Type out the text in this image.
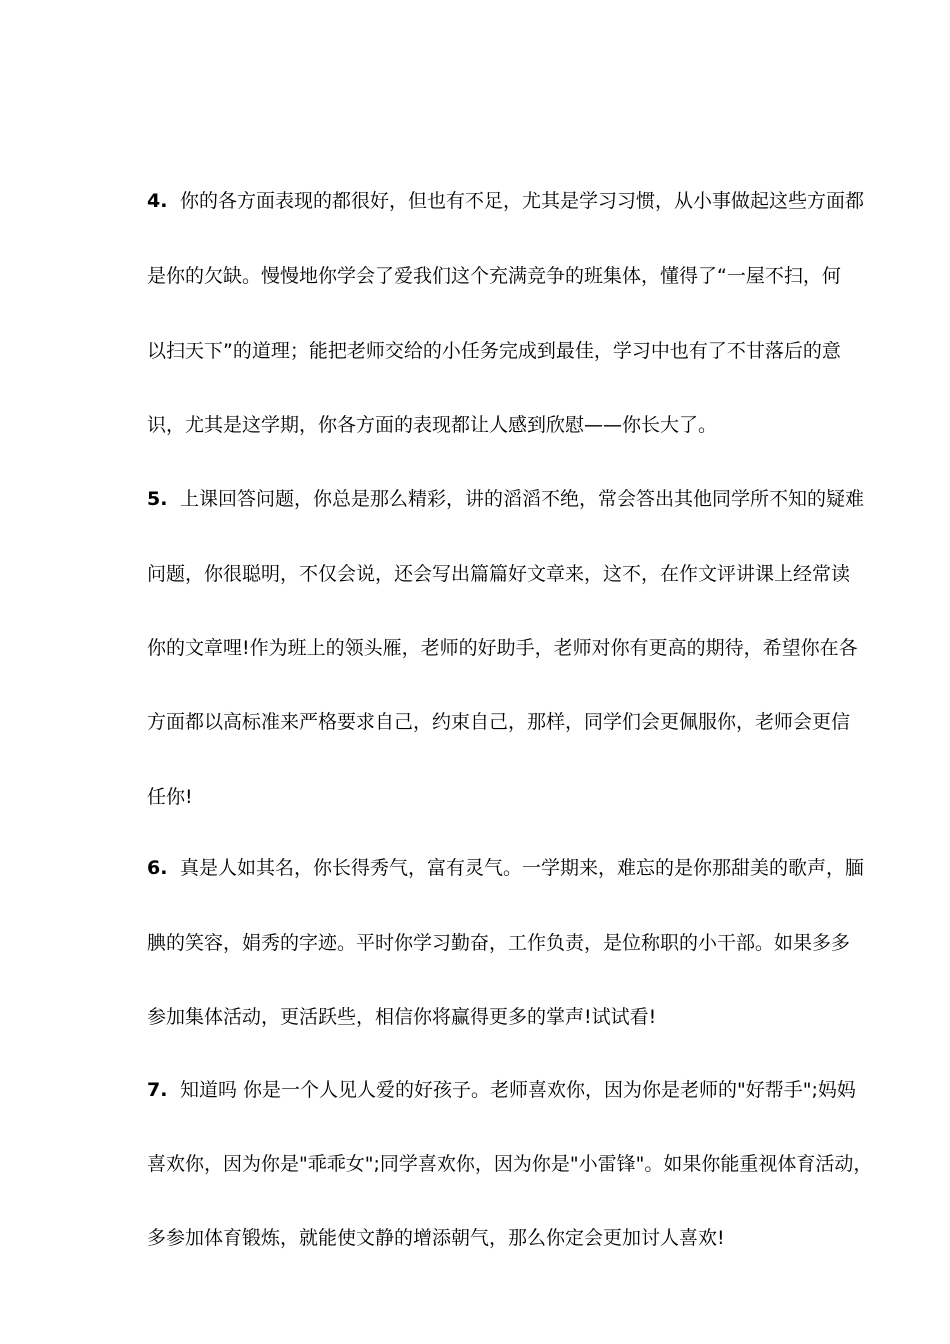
4. 你的各方面表现的都很好，但也有不足，尤其是学习习惯，从小事做起这些方面都
是你的欠缺。慢慢地你学会了爱我们这个充满竞争的班集体，懂得了“一屋不扫，何
以扫天下”的道理；能把老师交给的小任务完成到最佳，学习中也有了不甘落后的意
识，尤其是这学期，你各方面的表现都让人感到欣慰——你长大了。
5. 上课回答问题，你总是那么精彩，讲的滔滔不绝，常会答出其他同学所不知的疑难
问题，你很聪明，不仅会说，还会写出篇篇好文章来，这不，在作文评讲课上经常读
你的文章哩!作为班上的领头雁，老师的好助手，老师对你有更高的期待，希望你在各
方面都以高标准来严格要求自己，约束自己，那样，同学们会更佩服你，老师会更信
任你!
6. 真是人如其名，你长得秀气，富有灵气。一学期来，难忘的是你那甜美的歌声，腼
腆的笑容，娟秀的字迹。平时你学习勤奋，工作负责，是位称职的小干部。如果多多
参加集体活动，更活跃些，相信你将赢得更多的掌声!试试看!
7. 知道吗 你是一个人见人爱的好孩子。老师喜欢你，因为你是老师的"好帮手";妈妈
喜欢你，因为你是"乖乖女";同学喜欢你，因为你是"小雷锋"。如果你能重视体育活动，
多参加体育锻炼，就能使文静的增添朝气，那么你定会更加讨人喜欢!
